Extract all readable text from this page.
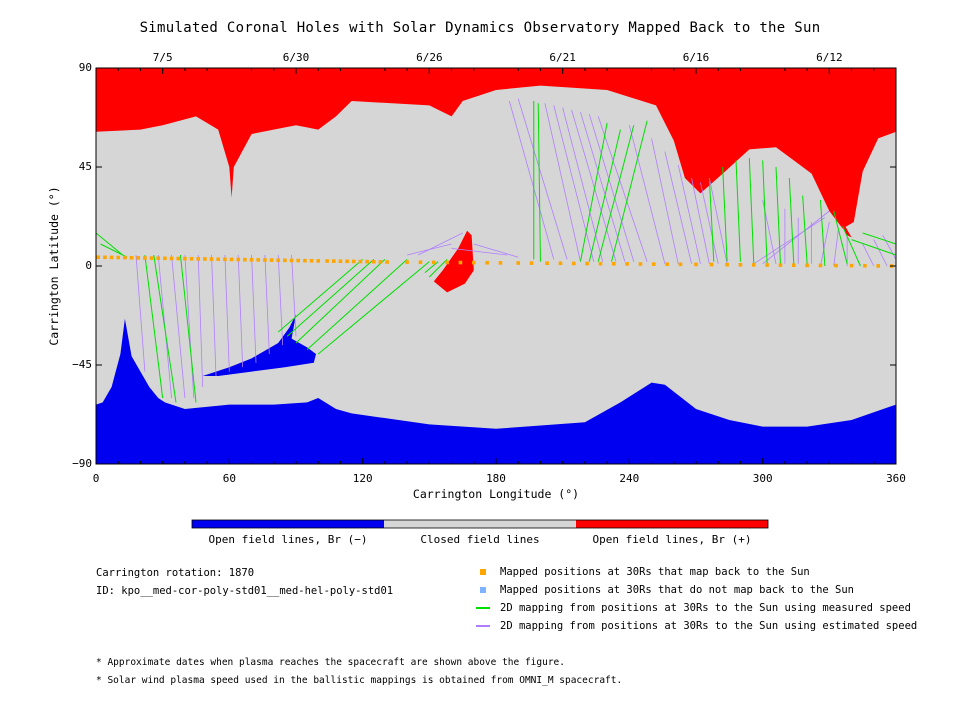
Simulated Coronal Holes with Solar Dynamics Observatory Mapped Back to the Sun
7/5	6/30	6/26	6/21	6/16	6/12
0	60	120	180	240	300	360
90
45
0
−45
−90
Carrington Longitude (°)
Carrington Latitude (°)
Open field lines, Br (−)	Closed field lines	Open field lines, Br (+)
Carrington rotation: 1870
ID: kpo__med-cor-poly-std01__med-hel-poly-std01
Mapped positions at 30Rs that map back to the Sun
Mapped positions at 30Rs that do not map back to the Sun
2D mapping from positions at 30Rs to the Sun using measured speed
2D mapping from positions at 30Rs to the Sun using estimated speed
* Approximate dates when plasma reaches the spacecraft are shown above the figure.
* Solar wind plasma speed used in the ballistic mappings is obtained from OMNI_M spacecraft.
